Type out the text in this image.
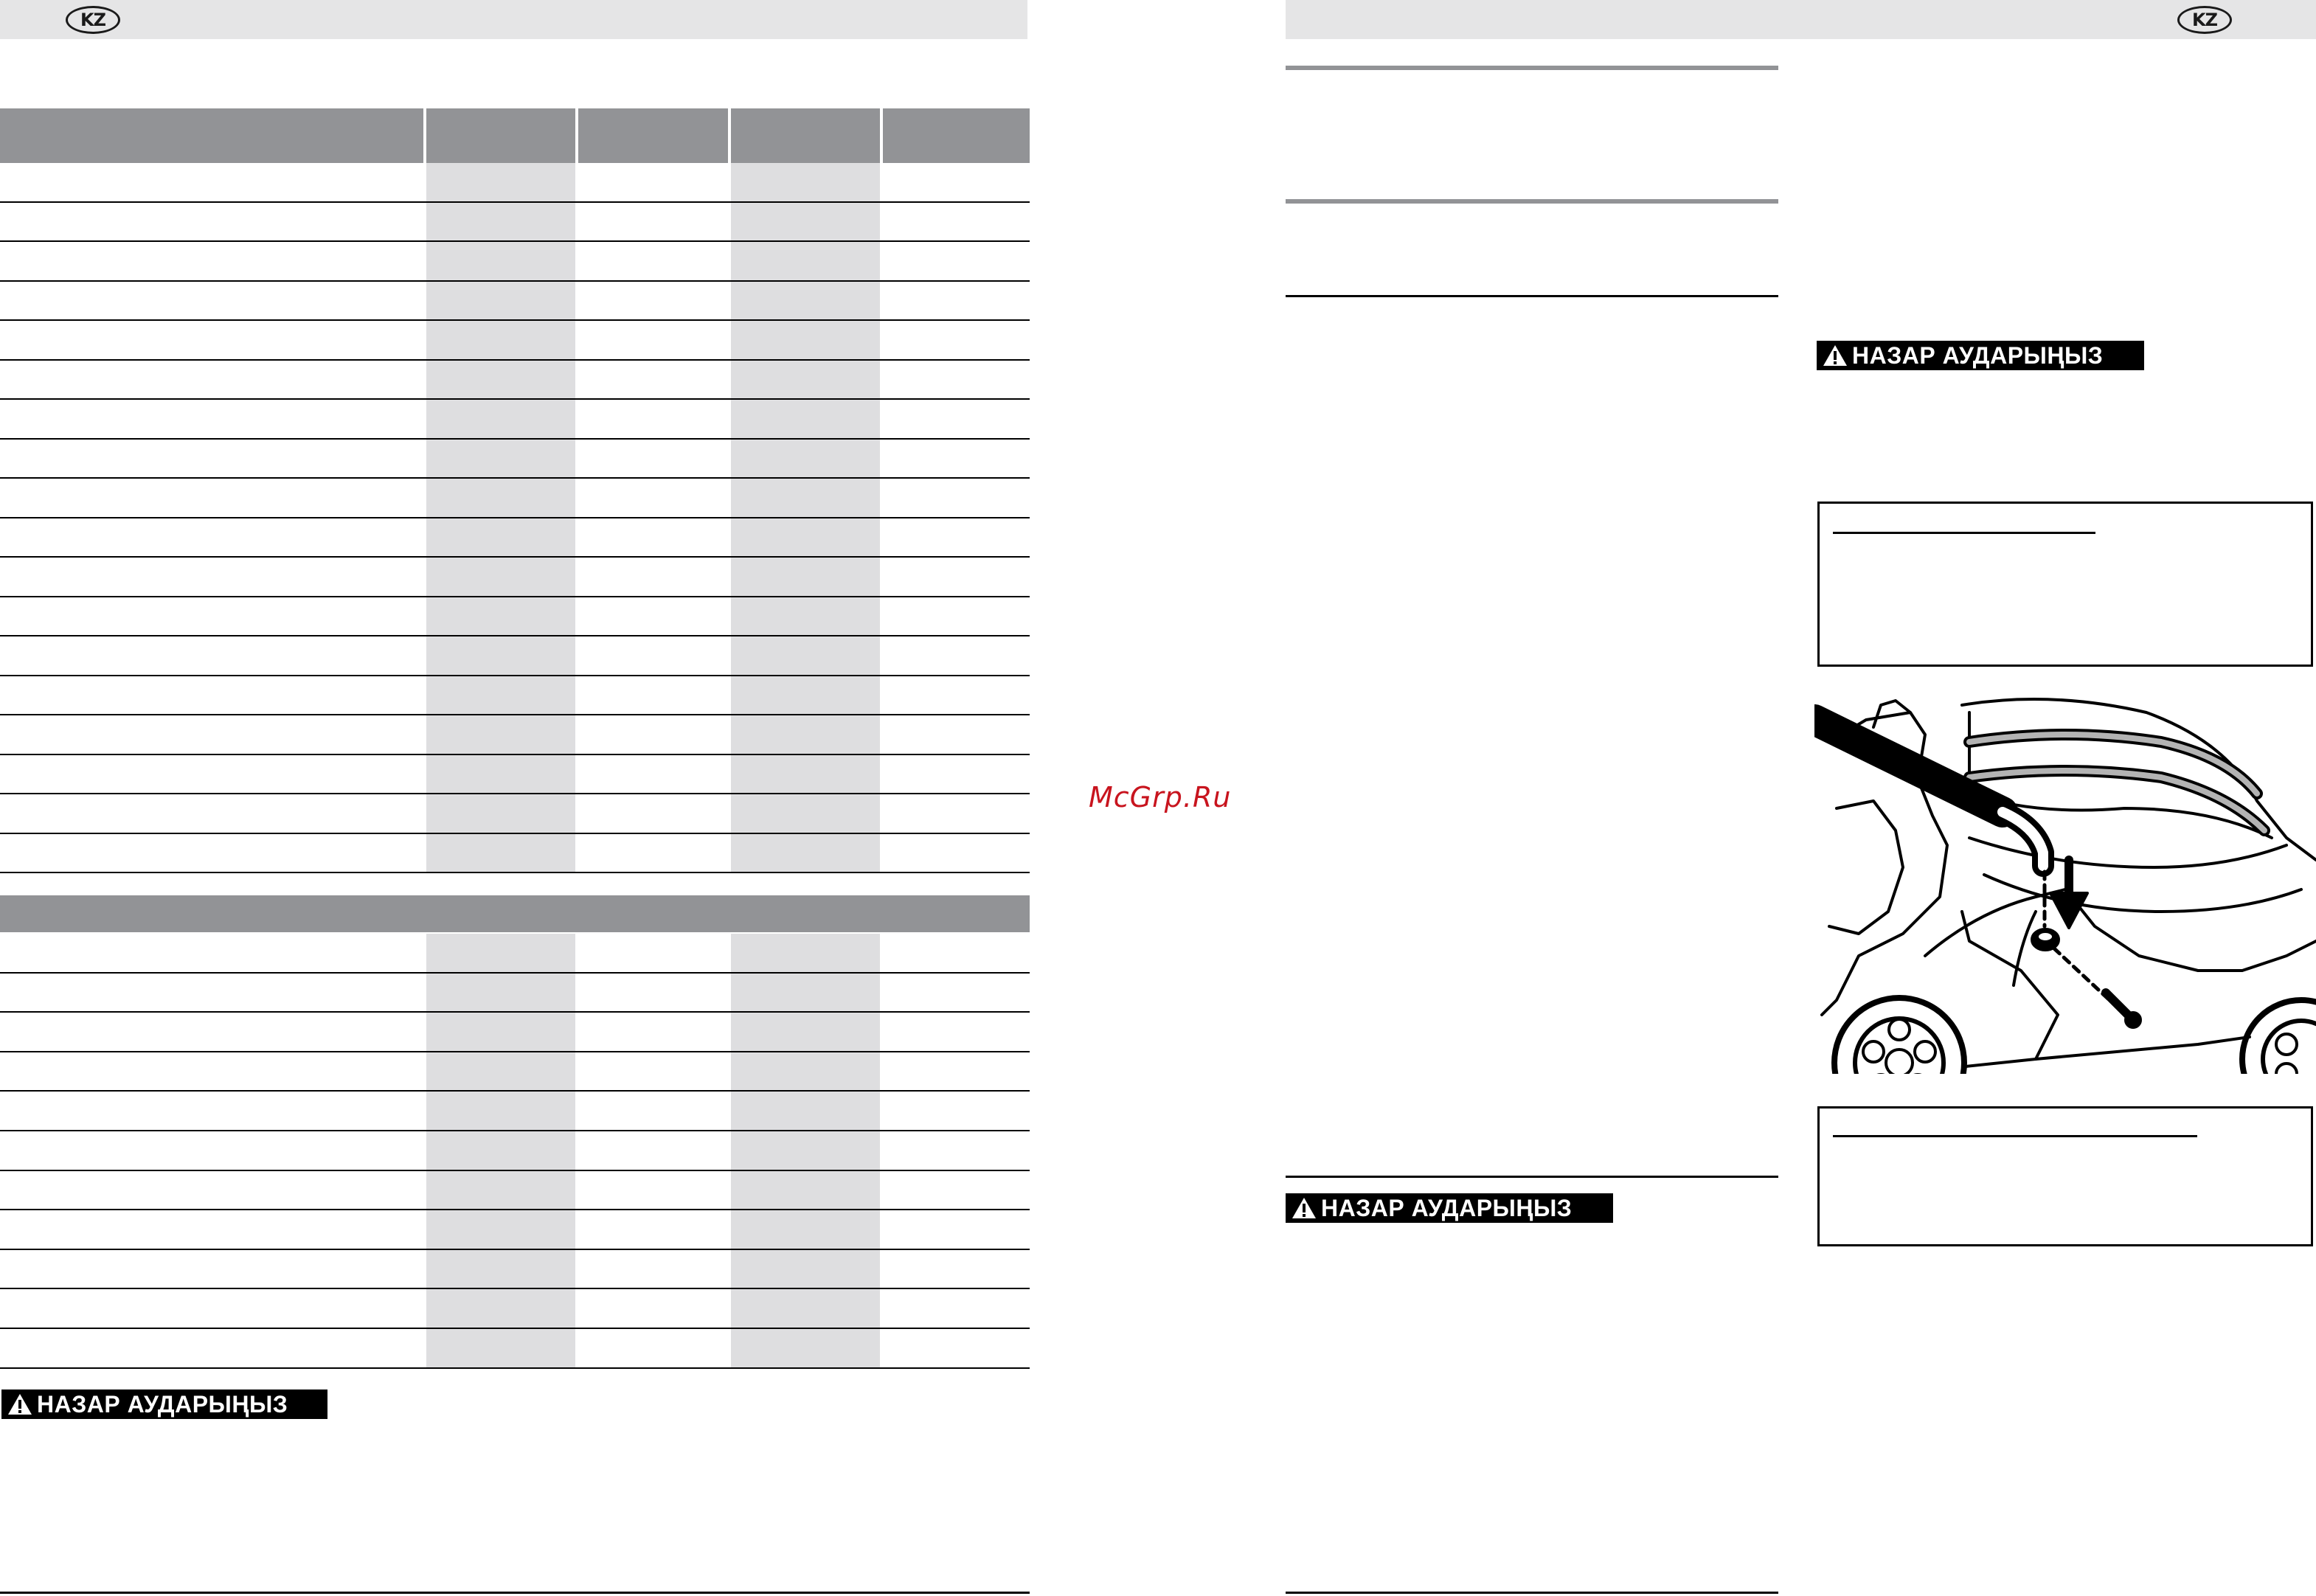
KZ	KZ
НАЗАР АУДАРЫҢЫЗ
McGrp.Ru
НАЗАР АУДАРЫҢЫЗ
НАЗАР АУДАРЫҢЫЗ
